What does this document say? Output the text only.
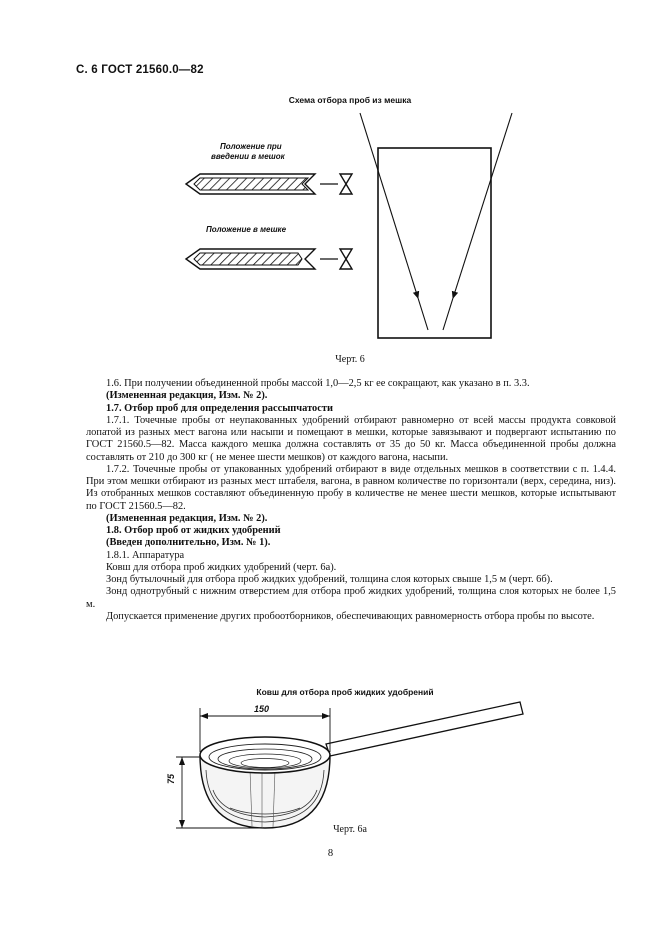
С. 6 ГОСТ 21560.0—82
Схема отбора проб из мешка
Положение при
введении в мешок
Положение в мешке
Черт. 6

1.6. При получении объединенной пробы массой 1,0—2,5 кг ее сокращают, как указано в п. 3.3.

(Измененная редакция, Изм. № 2).

1.7. Отбор проб для определения рассыпчатости

1.7.1. Точечные пробы от неупакованных удобрений отбирают равномерно от всей массы продукта совковой лопатой из разных мест вагона или насыпи и помещают в мешки, которые завязывают и подвергают испытанию по ГОСТ 21560.5—82. Масса каждого мешка должна составлять от 35 до 50 кг. Масса объединенной пробы должна составлять от 210 до 300 кг ( не менее шести мешков) от каждого вагона, насыпи.

1.7.2. Точечные пробы от упакованных удобрений отбирают в виде отдельных мешков в соответствии с п. 1.4.4. При этом мешки отбирают из разных мест штабеля, вагона, в равном количестве по горизонтали (верх, середина, низ). Из отобранных мешков составляют объединенную пробу в количестве не менее шести мешков, которые испытывают по ГОСТ 21560.5—82.

(Измененная редакция, Изм. № 2).

1.8. Отбор проб от жидких удобрений

(Введен дополнительно, Изм. № 1).

1.8.1. Аппаратура

Ковш для отбора проб жидких удобрений (черт. 6а).

Зонд бутылочный для отбора проб жидких удобрений, толщина слоя которых свыше 1,5 м (черт. 6б).

Зонд однотрубный с нижним отверстием для отбора проб жидких удобрений, толщина слоя которых не более 1,5 м.

Допускается применение других пробоотборников, обеспечивающих равномерность отбора пробы по высоте.

Ковш для отбора проб жидких удобрений
150
75
Черт. 6а
8
